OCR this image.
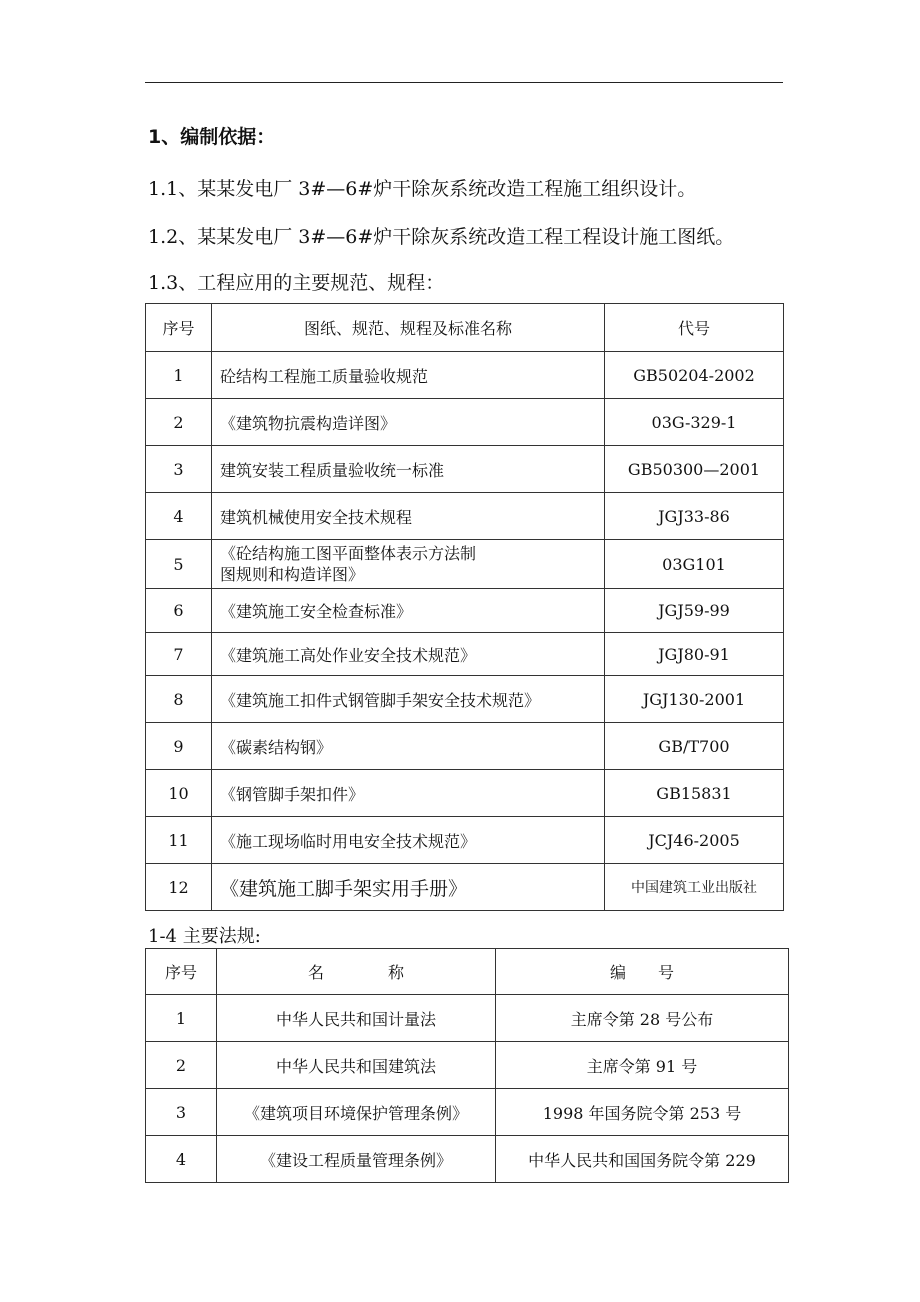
1、编制依据：
1.1、某某发电厂 3#—6#炉干除灰系统改造工程施工组织设计。
1.2、某某发电厂 3#—6#炉干除灰系统改造工程工程设计施工图纸。
1.3、工程应用的主要规范、规程：
序号	图纸、规范、规程及标准名称	代号
1	砼结构工程施工质量验收规范	GB50204-2002
2	《建筑物抗震构造详图》	03G-329-1
3	建筑安装工程质量验收统一标准	GB50300—2001
4	建筑机械使用安全技术规程	JGJ33-86
5	《砼结构施工图平面整体表示方法制
图规则和构造详图》	03G101
6	《建筑施工安全检查标准》	JGJ59-99
7	《建筑施工高处作业安全技术规范》	JGJ80-91
8	《建筑施工扣件式钢管脚手架安全技术规范》	JGJ130-2001
9	《碳素结构钢》	GB/T700
10	《钢管脚手架扣件》	GB15831
11	《施工现场临时用电安全技术规范》	JCJ46-2005
12	《建筑施工脚手架实用手册》	中国建筑工业出版社
1-4 主要法规:
序号	名　　　　称	编　　号
1	中华人民共和国计量法	主席令第 28 号公布
2	中华人民共和国建筑法	主席令第 91 号
3	《建筑项目环境保护管理条例》	1998 年国务院令第 253 号
4	《建设工程质量管理条例》	中华人民共和国国务院令第 229
